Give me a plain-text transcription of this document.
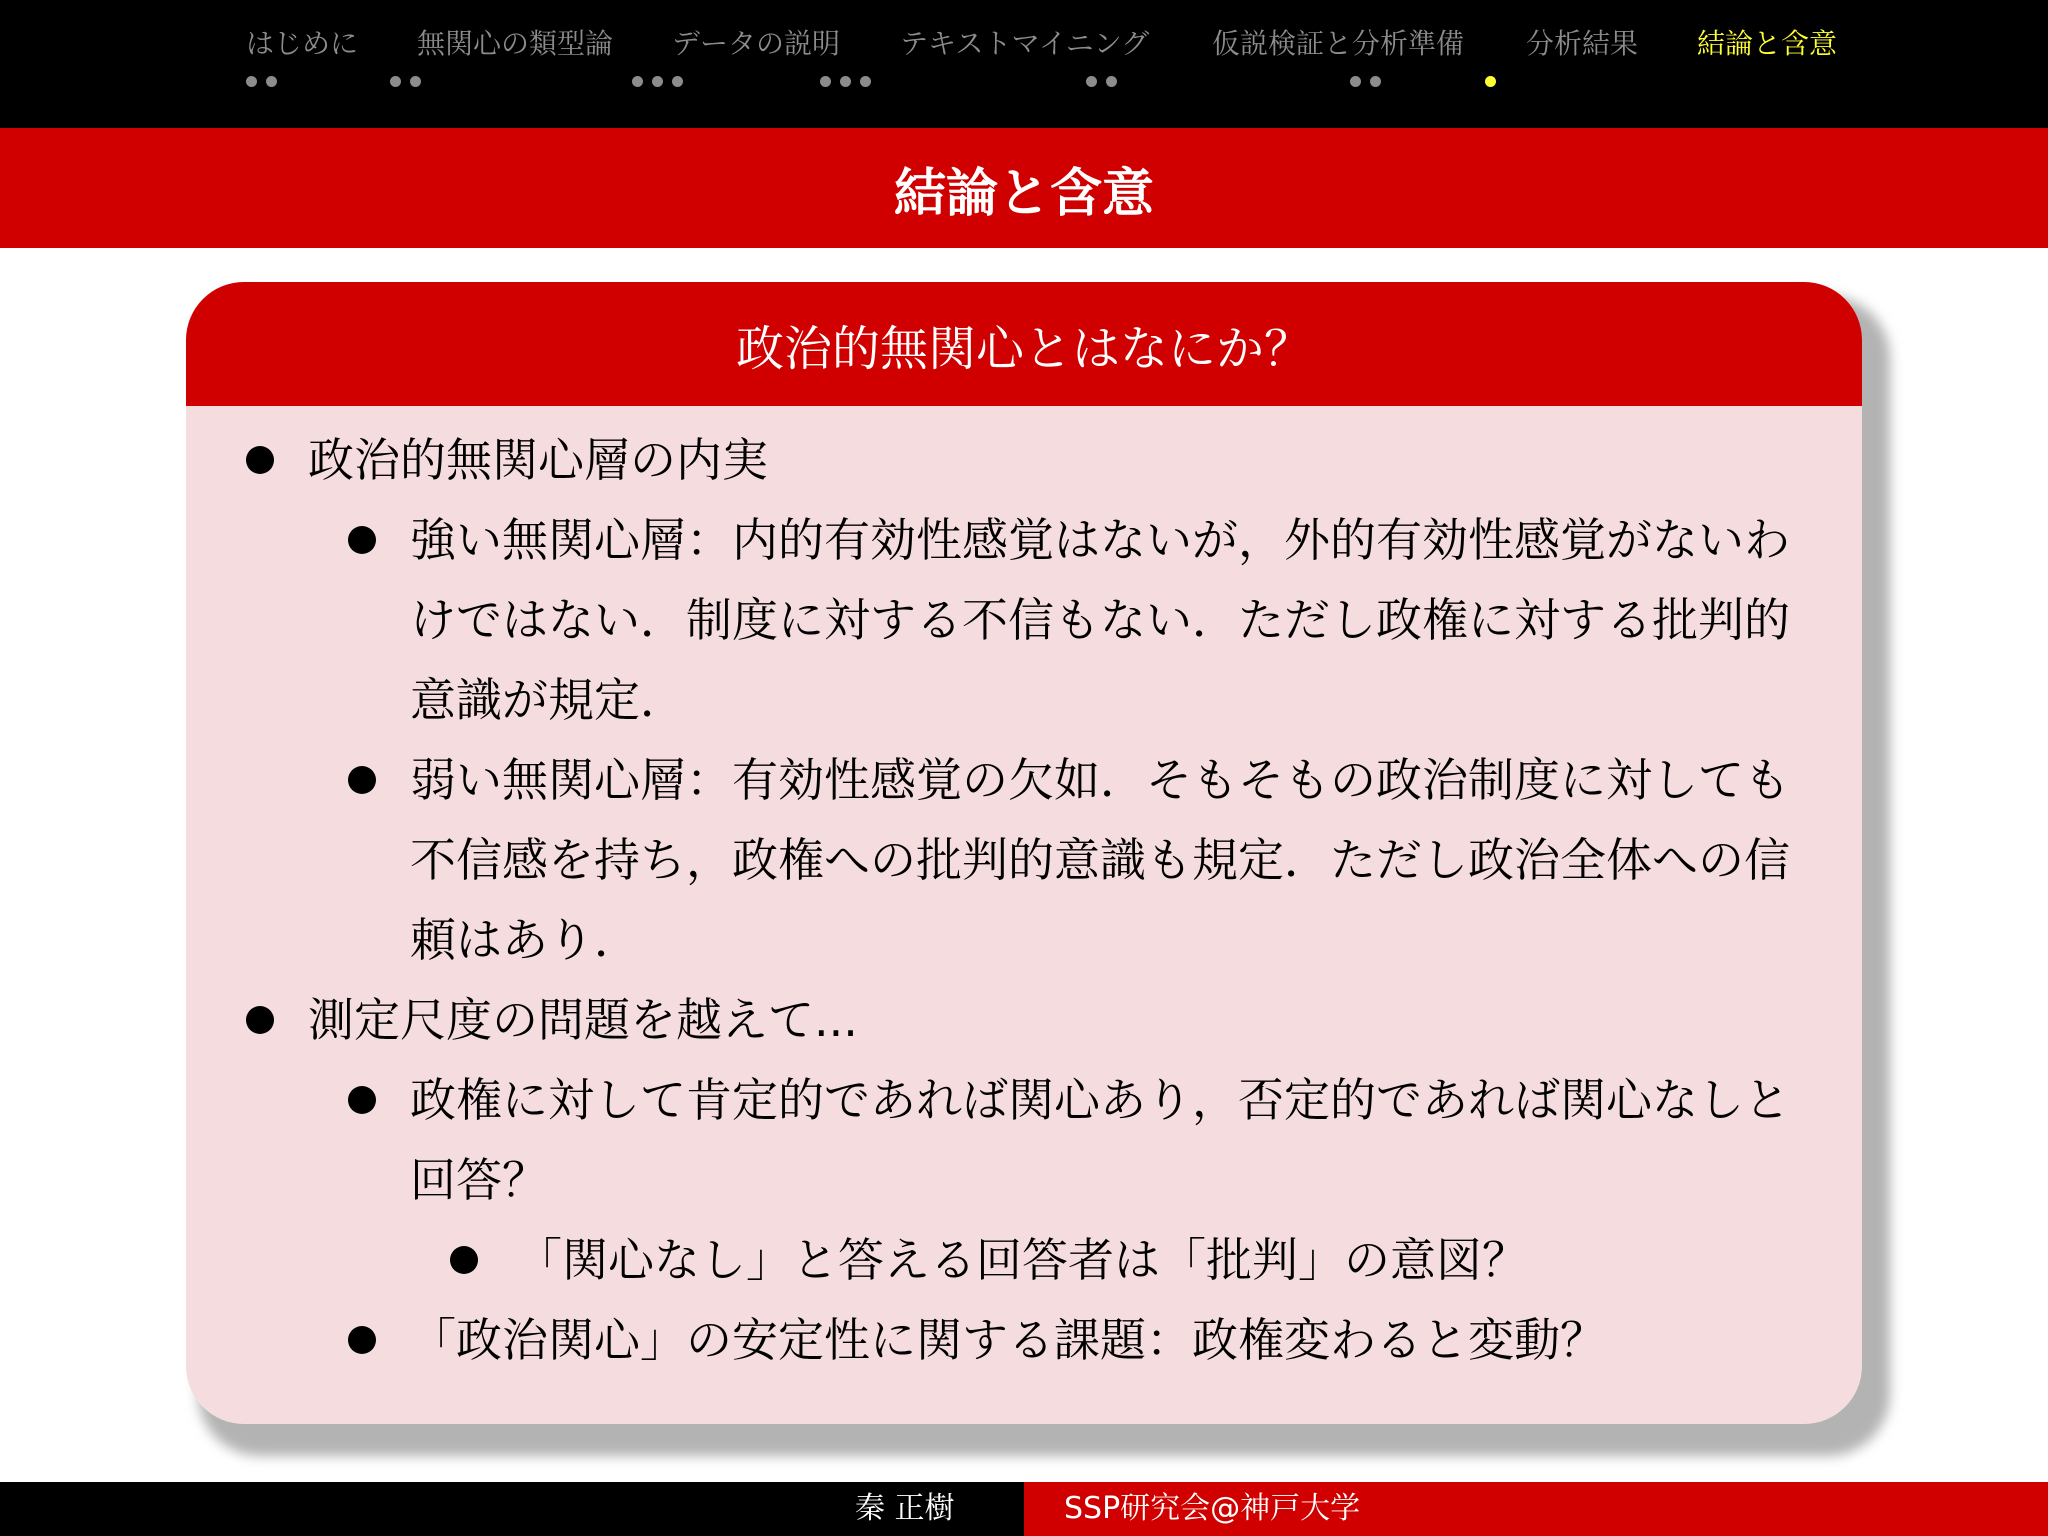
はじめに 無関心の類型論 データの説明 テキストマイニング 仮説検証と分析準備 分析結果 結論と含意
結論と含意
政治的無関心とはなにか？
政治的無関心層の内実
強い無関心層：内的有効性感覚はないが，外的有効性感覚がないわけではない．制度に対する不信もない．ただし政権に対する批判的意識が規定．
弱い無関心層：有効性感覚の欠如．そもそもの政治制度に対しても不信感を持ち，政権への批判的意識も規定．ただし政治全体への信頼はあり．
測定尺度の問題を越えて...
政権に対して肯定的であれば関心あり，否定的であれば関心なしと回答？
「関心なし」と答える回答者は「批判」の意図？
「政治関心」の安定性に関する課題：政権変わると変動？
秦 正樹	SSP研究会@神戸大学
